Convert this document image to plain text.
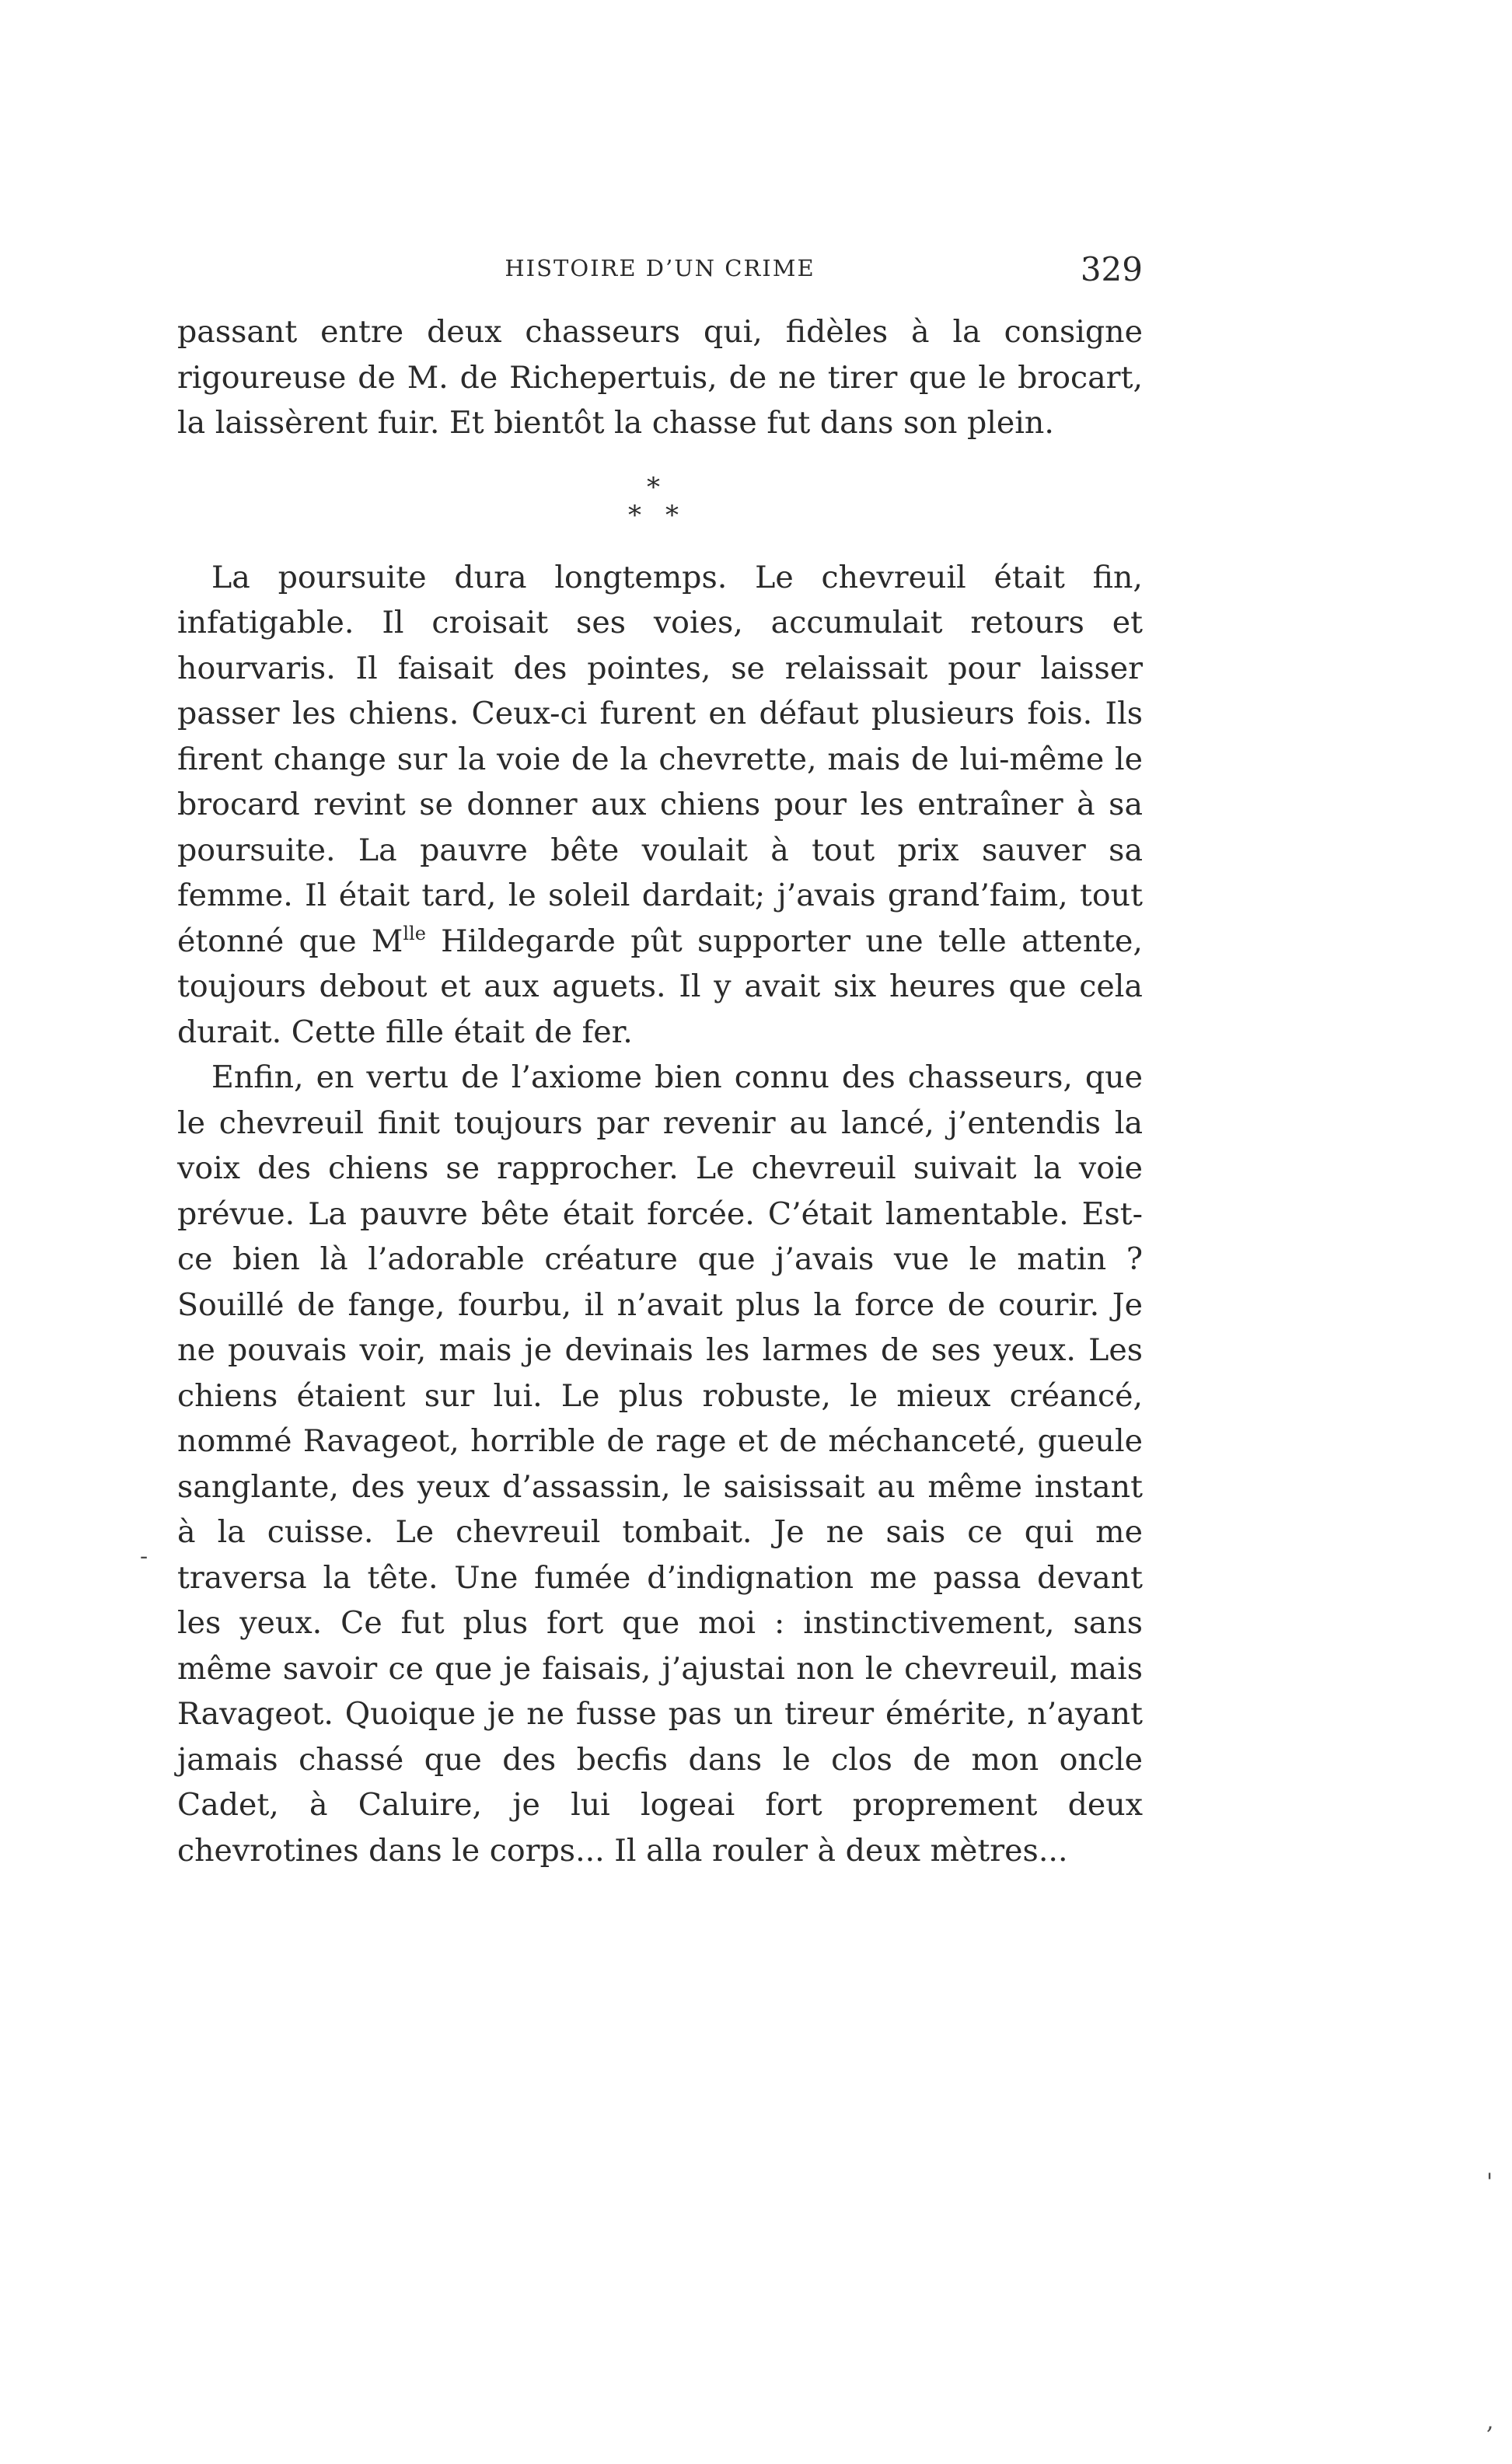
HISTOIRE D’UN CRIME	329

passant entre deux chasseurs qui, fidèles à la consigne rigoureuse de M. de Richepertuis, de ne tirer que le brocart, la laissèrent fuir. Et bientôt la chasse fut dans son plein.

*
* *

La poursuite dura longtemps. Le chevreuil était fin, infatigable. Il croisait ses voies, accumulait retours et hourvaris. Il faisait des pointes, se relaissait pour laisser passer les chiens. Ceux-ci furent en défaut plusieurs fois. Ils firent change sur la voie de la chevrette, mais de lui-même le brocard revint se donner aux chiens pour les entraîner à sa poursuite. La pauvre bête voulait à tout prix sauver sa femme. Il était tard, le soleil dardait; j’avais grand’faim, tout étonné que $M^{lle}$ Hildegarde pût supporter une telle attente, toujours debout et aux aguets. Il y avait six heures que cela durait. Cette fille était de fer.

Enfin, en vertu de l’axiome bien connu des chasseurs, que le chevreuil finit toujours par revenir au lancé, j’entendis la voix des chiens se rapprocher. Le chevreuil suivait la voie prévue. La pauvre bête était forcée. C’était lamentable. Est-ce bien là l’adorable créature que j’avais vue le matin ? Souillé de fange, fourbu, il n’avait plus la force de courir. Je ne pouvais voir, mais je devinais les larmes de ses yeux. Les chiens étaient sur lui. Le plus robuste, le mieux créancé, nommé Ravageot, horrible de rage et de méchanceté, gueule sanglante, des yeux d’assassin, le saisissait au même instant à la cuisse. Le chevreuil tombait. Je ne sais ce qui me traversa la tête. Une fumée d’indignation me passa devant les yeux. Ce fut plus fort que moi : instinctivement, sans même savoir ce que je faisais, j’ajustai non le chevreuil, mais Ravageot. Quoique je ne fusse pas un tireur émérite, n’ayant jamais chassé que des becfis dans le clos de mon oncle Cadet, à Caluire, je lui logeai fort proprement deux chevrotines dans le corps... Il alla rouler à deux mètres...

-
'
,
